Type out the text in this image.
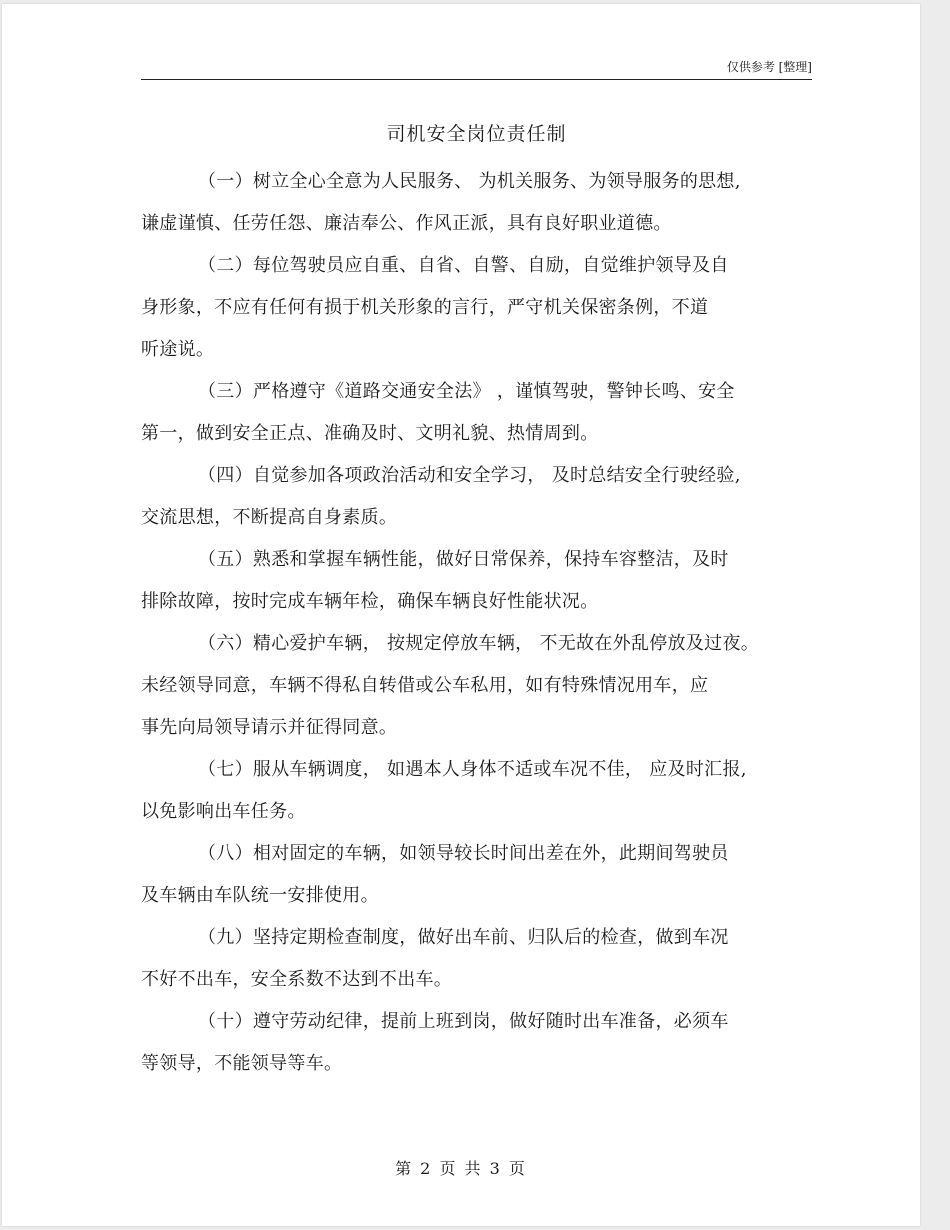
仅供参考 [整理]
司机安全岗位责任制

（一）树立全心全意为人民服务、 为机关服务、为领导服务的思想,
谦虚谨慎、任劳任怨、廉洁奉公、作风正派，具有良好职业道德。

（二）每位驾驶员应自重、自省、自警、自励，自觉维护领导及自
身形象，不应有任何有损于机关形象的言行，严守机关保密条例，不道
听途说。

（三）严格遵守《道路交通安全法》 ，谨慎驾驶，警钟长鸣、安全
第一，做到安全正点、准确及时、文明礼貌、热情周到。

（四）自觉参加各项政治活动和安全学习， 及时总结安全行驶经验,
交流思想，不断提高自身素质。

（五）熟悉和掌握车辆性能，做好日常保养，保持车容整洁，及时
排除故障，按时完成车辆年检，确保车辆良好性能状况。

（六）精心爱护车辆， 按规定停放车辆， 不无故在外乱停放及过夜。
未经领导同意，车辆不得私自转借或公车私用，如有特殊情况用车，应
事先向局领导请示并征得同意。

（七）服从车辆调度， 如遇本人身体不适或车况不佳， 应及时汇报,
以免影响出车任务。

（八）相对固定的车辆，如领导较长时间出差在外，此期间驾驶员
及车辆由车队统一安排使用。

（九）坚持定期检查制度，做好出车前、归队后的检查，做到车况
不好不出车，安全系数不达到不出车。

（十）遵守劳动纪律，提前上班到岗，做好随时出车准备，必须车
等领导，不能领导等车。

第 2 页 共 3 页
